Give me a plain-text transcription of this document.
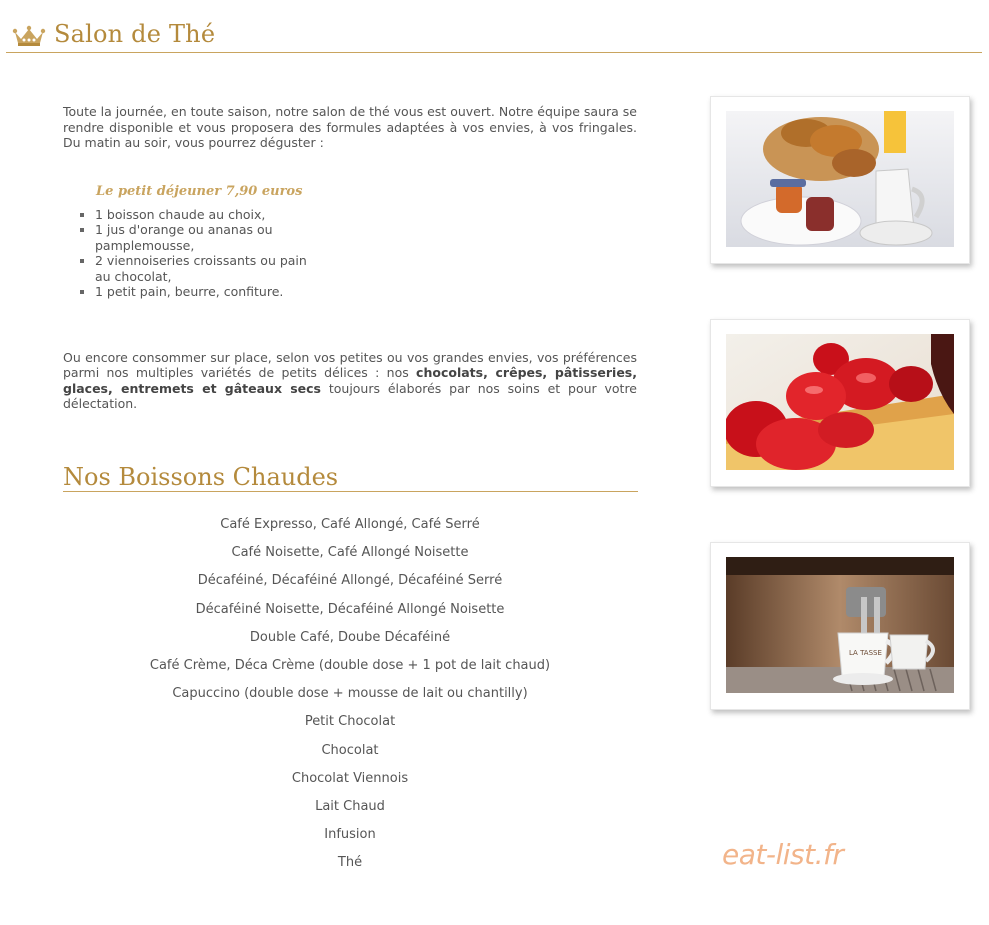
Salon de Thé

Toute la journée, en toute saison, notre salon de thé vous est ouvert. Notre équipe saura se rendre disponible et vous proposera des formules adaptées à vos envies, à vos fringales. Du matin au soir, vous pourrez déguster :

Le petit déjeuner 7,90 euros
1 boisson chaude au choix,
1 jus d'orange ou ananas ou pamplemousse,
2 viennoiseries croissants ou pain au chocolat,
1 petit pain, beurre, confiture.

Ou encore consommer sur place, selon vos petites ou vos grandes envies, vos préférences parmi nos multiples variétés de petits délices : nos chocolats, crêpes, pâtisseries, glaces, entremets et gâteaux secs toujours élaborés par nos soins et pour votre délectation.

Nos Boissons Chaudes
Café Expresso, Café Allongé, Café Serré
Café Noisette, Café Allongé Noisette
Décaféiné, Décaféiné Allongé, Décaféiné Serré
Décaféiné Noisette, Décaféiné Allongé Noisette
Double Café, Doube Décaféiné
Café Crème, Déca Crème (double dose + 1 pot de lait chaud)
Capuccino (double dose + mousse de lait ou chantilly)
Petit Chocolat
Chocolat
Chocolat Viennois
Lait Chaud
Infusion
Thé
LA TASSE
eat-list.fr
